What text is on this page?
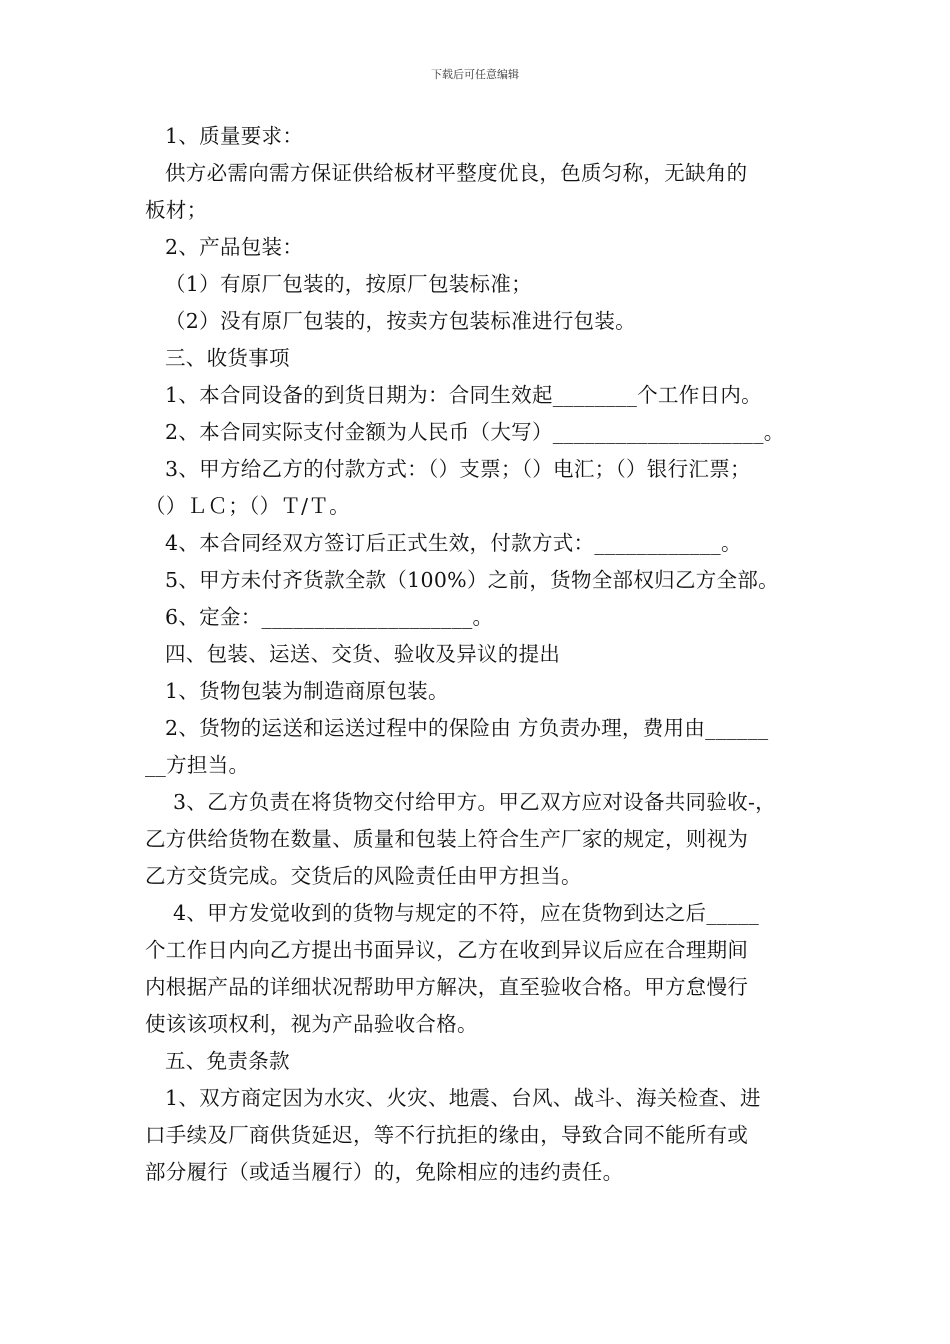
下载后可任意编辑
1、质量要求：
供方必需向需方保证供给板材平整度优良，色质匀称，无缺角的
板材；
2、产品包装：
（1）有原厂包装的，按原厂包装标准；
（2）没有原厂包装的，按卖方包装标准进行包装。
三、收货事项
1、本合同设备的到货日期为：合同生效起________个工作日内。
2、本合同实际支付金额为人民币（大写）____________________。
3、甲方给乙方的付款方式：（）支票；（）电汇；（）银行汇票；
（）ＬＣ；（）Ｔ/Ｔ。
4、本合同经双方签订后正式生效，付款方式：____________。
5、甲方未付齐货款全款（100%）之前，货物全部权归乙方全部。
6、定金：____________________。
四、包装、运送、交货、验收及异议的提出
1、货物包装为制造商原包装。
2、货物的运送和运送过程中的保险由 方负责办理，费用由______
__方担当。
3、乙方负责在将货物交付给甲方。甲乙双方应对设备共同验收-，
乙方供给货物在数量、质量和包装上符合生产厂家的规定，则视为
乙方交货完成。交货后的风险责任由甲方担当。
4、甲方发觉收到的货物与规定的不符，应在货物到达之后_____
个工作日内向乙方提出书面异议，乙方在收到异议后应在合理期间
内根据产品的详细状况帮助甲方解决，直至验收合格。甲方怠慢行
使该该项权利，视为产品验收合格。
五、免责条款
1、双方商定因为水灾、火灾、地震、台风、战斗、海关检查、进
口手续及厂商供货延迟，等不行抗拒的缘由，导致合同不能所有或
部分履行（或适当履行）的，免除相应的违约责任。
